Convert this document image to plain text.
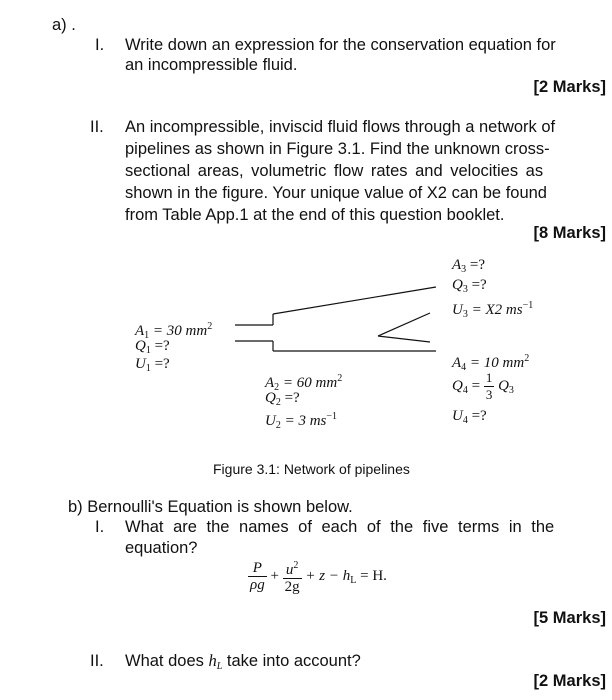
a) .
I. Write down an expression for the conservation equation for
an incompressible fluid.
[2 Marks]
II. An incompressible, inviscid fluid flows through a network of
pipelines as shown in Figure 3.1. Find the unknown cross-
sectional areas, volumetric flow rates and velocities as
shown in the figure. Your unique value of X2 can be found
from Table App.1 at the end of this question booklet.
[8 Marks]
$A_3$ =?
$Q_3$ =?
$U_3 = X2$ $ms^{-1}$
$A_1 = 30$ $mm^2$
$Q_1$ =?
$U_1$ =?
$A_2 = 60$ $mm^2$
$Q_2$ =?
$U_2 = 3$ $ms^{-1}$
$A_4 = 10$ $mm^2$
$Q_4 = \frac{1}{3} Q_3$
$U_4$ =?
Figure 3.1: Network of pipelines
b) Bernoulli's Equation is shown below.
I. What are the names of each of the five terms in the
equation?
$\frac{P}{\rho g} + \frac{u^2}{2g} + z - h_L = H$.
[5 Marks]
II. What does $h_L$ take into account?
[2 Marks]
